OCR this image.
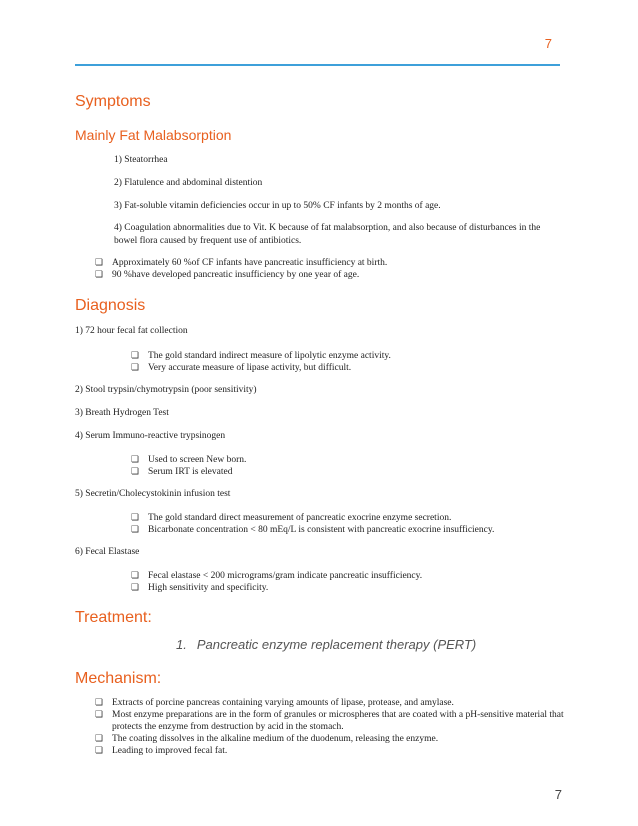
7
Symptoms
Mainly Fat Malabsorption

1) Steatorrhea

2) Flatulence and abdominal distention

3) Fat-soluble vitamin deficiencies occur in up to 50% CF infants by 2 months of age.

4) Coagulation abnormalities due to Vit. K because of fat malabsorption, and also because of disturbances in the bowel flora caused by frequent use of antibiotics.

❏ Approximately 60 %of CF infants have pancreatic insufficiency at birth.
❏ 90 %have developed pancreatic insufficiency by one year of age.
Diagnosis

1) 72 hour fecal fat collection

❏ The gold standard indirect measure of lipolytic enzyme activity.
❏ Very accurate measure of lipase activity, but difficult.

2) Stool trypsin/chymotrypsin (poor sensitivity)

3) Breath Hydrogen Test

4) Serum Immuno-reactive trypsinogen

❏ Used to screen New born.
❏ Serum IRT is elevated

5) Secretin/Cholecystokinin infusion test

❏ The gold standard direct measurement of pancreatic exocrine enzyme secretion.
❏ Bicarbonate concentration < 80 mEq/L is consistent with pancreatic exocrine insufficiency.

6) Fecal Elastase

❏ Fecal elastase < 200 micrograms/gram indicate pancreatic insufficiency.
❏ High sensitivity and specificity.
Treatment:
1. Pancreatic enzyme replacement therapy (PERT)
Mechanism:
❏ Extracts of porcine pancreas containing varying amounts of lipase, protease, and amylase.
❏ Most enzyme preparations are in the form of granules or microspheres that are coated with a pH-sensitive material that protects the enzyme from destruction by acid in the stomach.
❏ The coating dissolves in the alkaline medium of the duodenum, releasing the enzyme.
❏ Leading to improved fecal fat.
7
